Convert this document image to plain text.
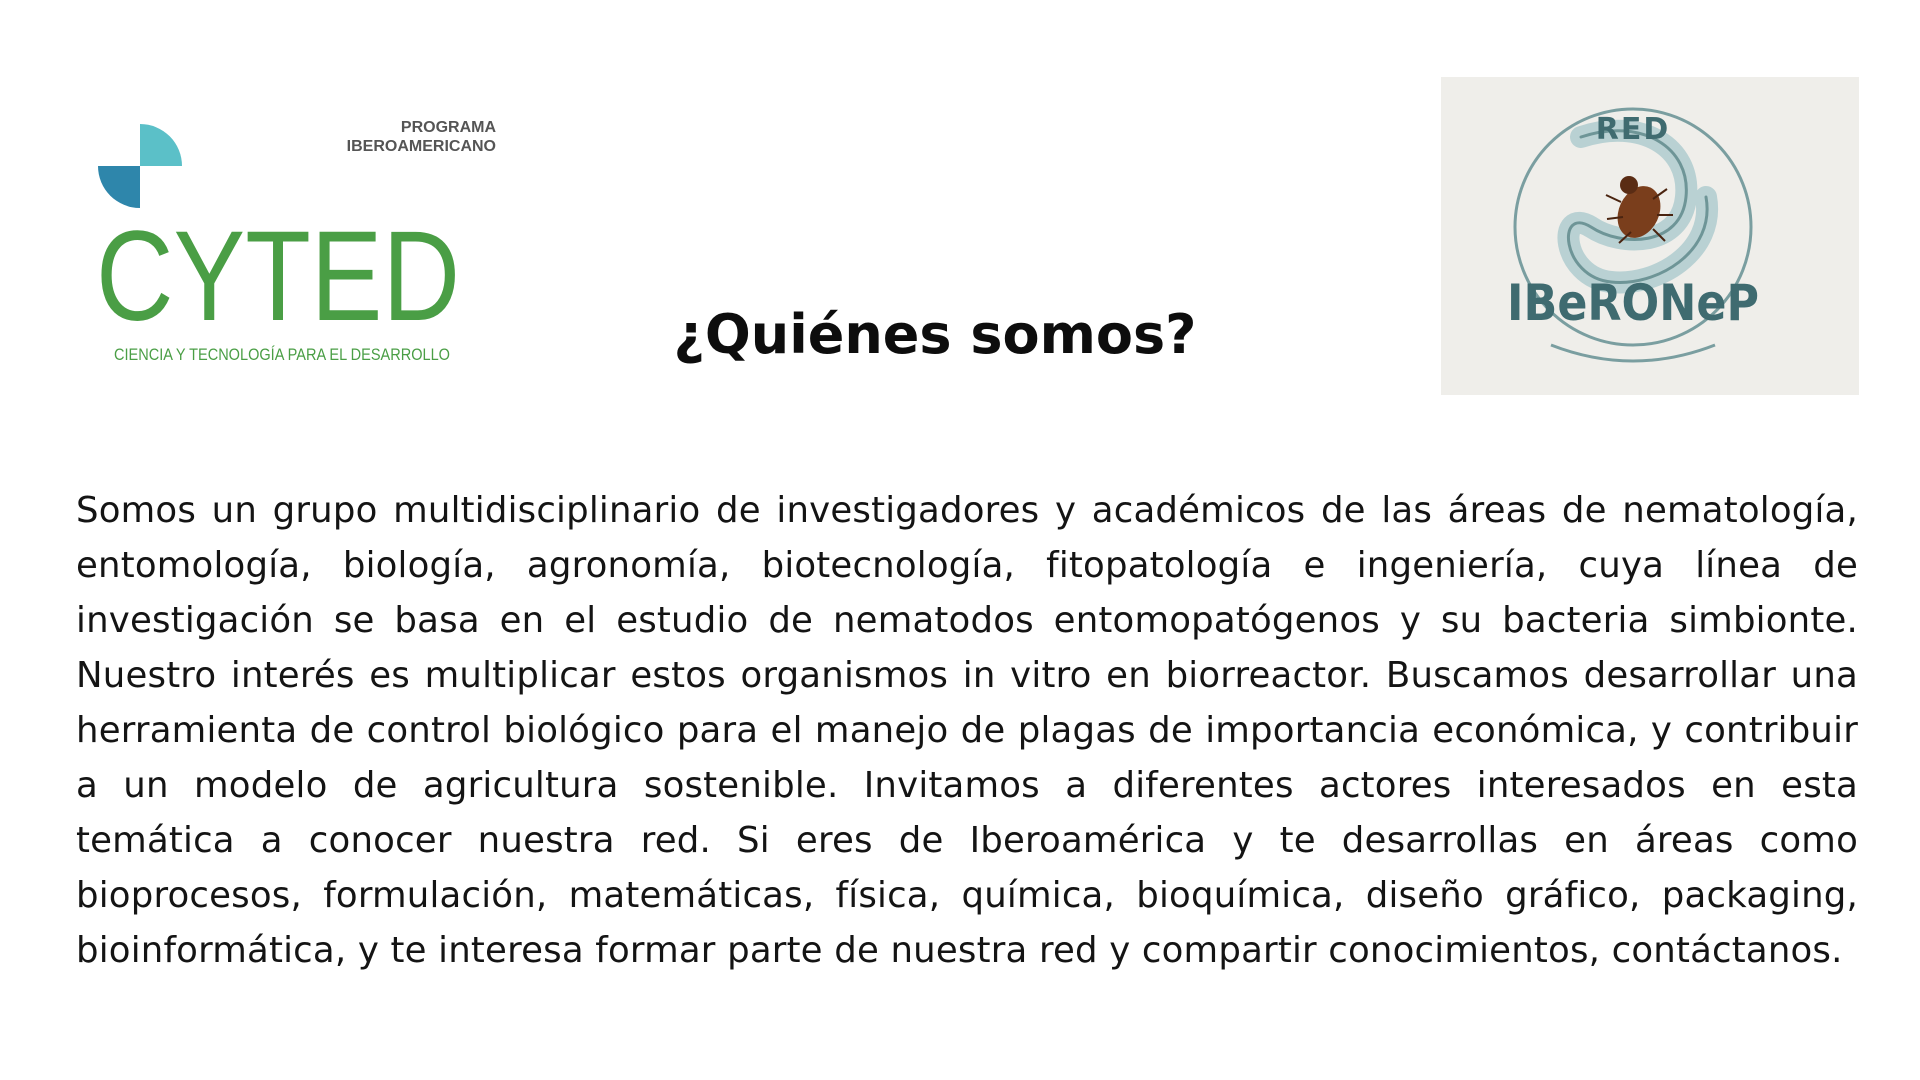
PROGRAMA
IBEROAMERICANO
CYTED
CIENCIA Y TECNOLOGÍA PARA EL DESARROLLO	¿Quiénes somos?
RED
IBeRONeP

Somos un grupo multidisciplinario de investigadores y académicos de las áreas de nematología, entomología, biología, agronomía, biotecnología, fitopatología e ingeniería, cuya línea de investigación se basa en el estudio de nematodos entomopatógenos y su bacteria simbionte. Nuestro interés es multiplicar estos organismos in vitro en biorreactor. Buscamos desarrollar una herramienta de control biológico para el manejo de plagas de importancia económica, y contribuir a un modelo de agricultura sostenible. Invitamos a diferentes actores interesados en esta temática a conocer nuestra red. Si eres de Iberoamérica y te desarrollas en áreas como bioprocesos, formulación, matemáticas, física, química, bioquímica, diseño gráfico, packaging, bioinformática, y te interesa formar parte de nuestra red y compartir conocimientos, contáctanos.
